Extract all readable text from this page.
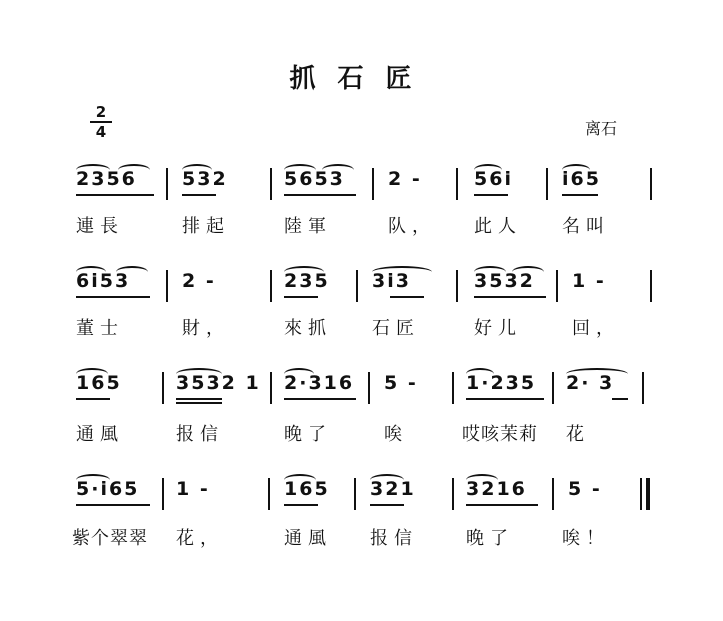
抓石匠
2
4	离石
2356 532	5653 2 -	56i	i65
連長	排起	陸軍	队， 此人 名叫
6i53	2 -	235 3i3	3532 1 -
董士	財，	來抓 石匠	好儿	回，
165	3532 1 2·316 5 -	1·235 2· 3
通風	报信	晚了	唉	哎咳茉莉 花
5·i65 1 -	165 321	3216 5 -
紫个翠翠 花，	通風 报信	晚了	唉！
